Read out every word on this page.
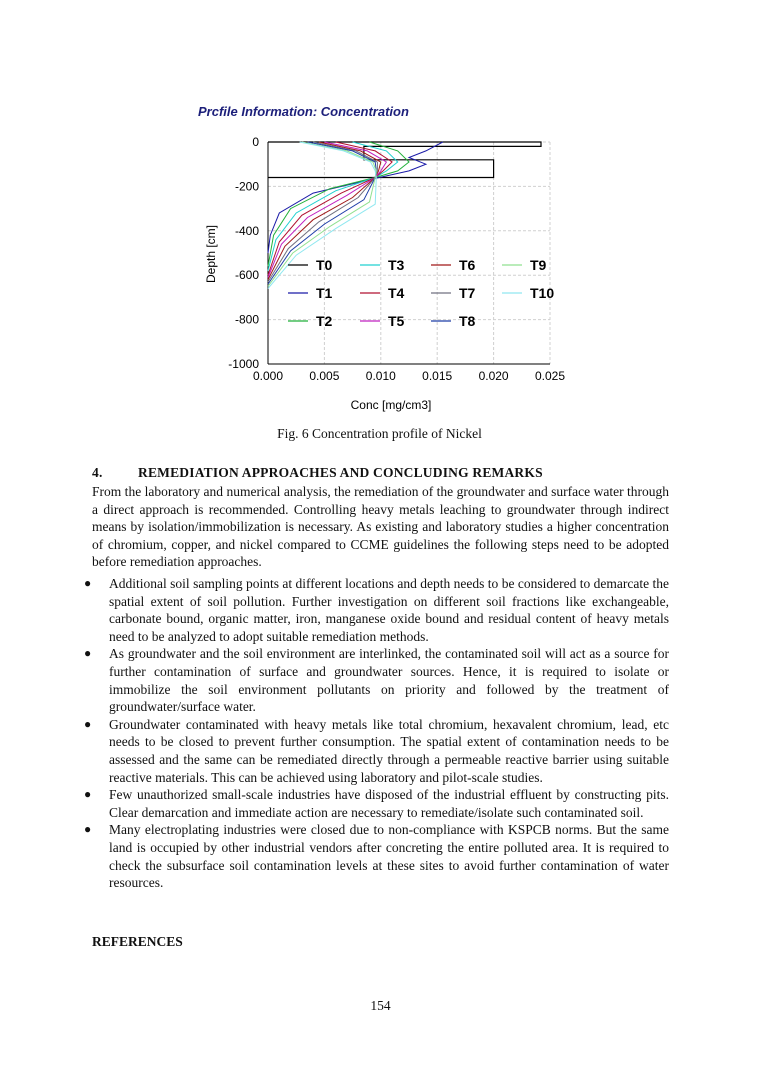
Prcfile Information: Concentration
0.000 0.005 0.010 0.015 0.020 0.025
0
-200
-400
-600
-800
-1000
Conc [mg/cm3]
Depth [cm]	T0
T1
T2
T3
T4
T5
T6
T7
T8
T9
T10
Fig. 6 Concentration profile of Nickel
4.	REMEDIATION APPROACHES AND CONCLUDING REMARKS
From the laboratory and numerical analysis, the remediation of the groundwater and surface water through a direct approach is recommended. Controlling heavy metals leaching to groundwater through indirect means by isolation/immobilization is necessary. As existing and laboratory studies a higher concentration of chromium, copper, and nickel compared to CCME guidelines the following steps need to be adopted before remediation approaches.
● Additional soil sampling points at different locations and depth needs to be considered to demarcate the spatial extent of soil pollution. Further investigation on different soil fractions like exchangeable, carbonate bound, organic matter, iron, manganese oxide bound and residual content of heavy metals need to be analyzed to adopt suitable remediation methods.
● As groundwater and the soil environment are interlinked, the contaminated soil will act as a source for further contamination of surface and groundwater sources. Hence, it is required to isolate or immobilize the soil environment pollutants on priority and followed by the treatment of groundwater/surface water.
● Groundwater contaminated with heavy metals like total chromium, hexavalent chromium, lead, etc needs to be closed to prevent further consumption. The spatial extent of contamination needs to be assessed and the same can be remediated directly through a permeable reactive barrier using suitable reactive materials. This can be achieved using laboratory and pilot-scale studies.
● Few unauthorized small-scale industries have disposed of the industrial effluent by constructing pits. Clear demarcation and immediate action are necessary to remediate/isolate such contaminated soil.
● Many electroplating industries were closed due to non-compliance with KSPCB norms. But the same land is occupied by other industrial vendors after concreting the entire polluted area. It is required to check the subsurface soil contamination levels at these sites to avoid further contamination of water resources.
REFERENCES
154
